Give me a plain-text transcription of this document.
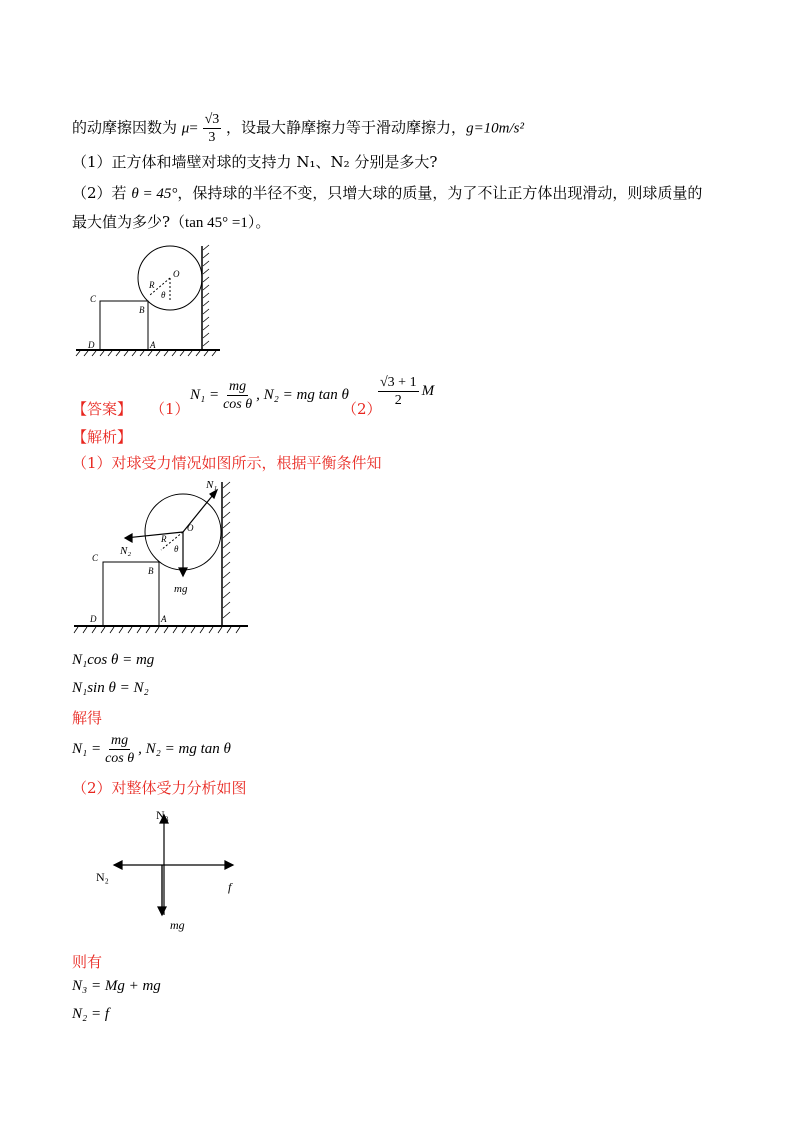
的动摩擦因数为 $\mu= \frac{√3}{3}$ ，设最大静摩擦力等于滑动摩擦力，g=10m/s²
（1）正方体和墙壁对球的支持力 N₁、N₂ 分别是多大?
（2）若 θ = 45°，保持球的半径不变，只增大球的质量，为了不让正方体出现滑动，则球质量的
最大值为多少?（tan 45° =1）。
C
B
D	A
O
R
θ
【答案】 （1）
$N_1 = \frac{mg}{\text{cos θ}}$ , N₂ = mg tan θ
（2）
$\frac{√3 + 1}{2}$ M
【解析】
（1）对球受力情况如图所示，根据平衡条件知
N₁
N₂
mg
C
B
D	A
O
R
θ
N₁cos θ = mg
N₁sin θ = N₂
解得
$N_1 = \frac{mg}{\text{cos θ}}$ , N₂ = mg tan θ
（2）对整体受力分析如图
N₃
N₂
f
mg
则有
N₃ = Mg + mg
N₂ = f
